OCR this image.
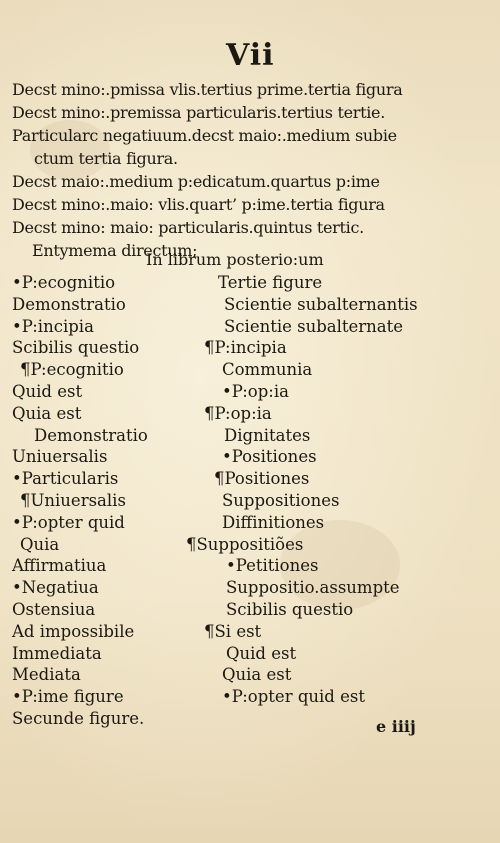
Vii
Decst mino:.pmissa vlis.tertius prime.tertia figura
Decst mino:.premissa particularis.tertius tertie.
Particularc negatiuum.decst maio:.medium subie
ctum tertia figura.
Decst maio:.medium p:edicatum.quartus p:ime
Decst mino:.maio: vlis.quart’ p:ime.tertia figura
Decst mino: maio: particularis.quintus tertic.
Entymema directum;
In librum posterio:um
•P:ecognitio
Demonstratio
•P:incipia
Scibilis questio
¶P:ecognitio
Quid est
Quia est
Demonstratio
Uniuersalis
•Particularis
¶Uniuersalis
•P:opter quid
Quia
Affirmatiua
•Negatiua
Ostensiua
Ad impossibile
Immediata
Mediata
•P:ime figure
Secunde figure.
Tertie figure
Scientie subalternantis
Scientie subalternate
¶P:incipia
Communia
•P:op:ia
¶P:op:ia
Dignitates
•Positiones
¶Positiones
Suppositiones
Diffinitiones
¶Suppositiões
•Petitiones
Suppositio.assumpte
Scibilis questio
¶Si est
Quid est
Quia est
•P:opter quid est
e iiij
